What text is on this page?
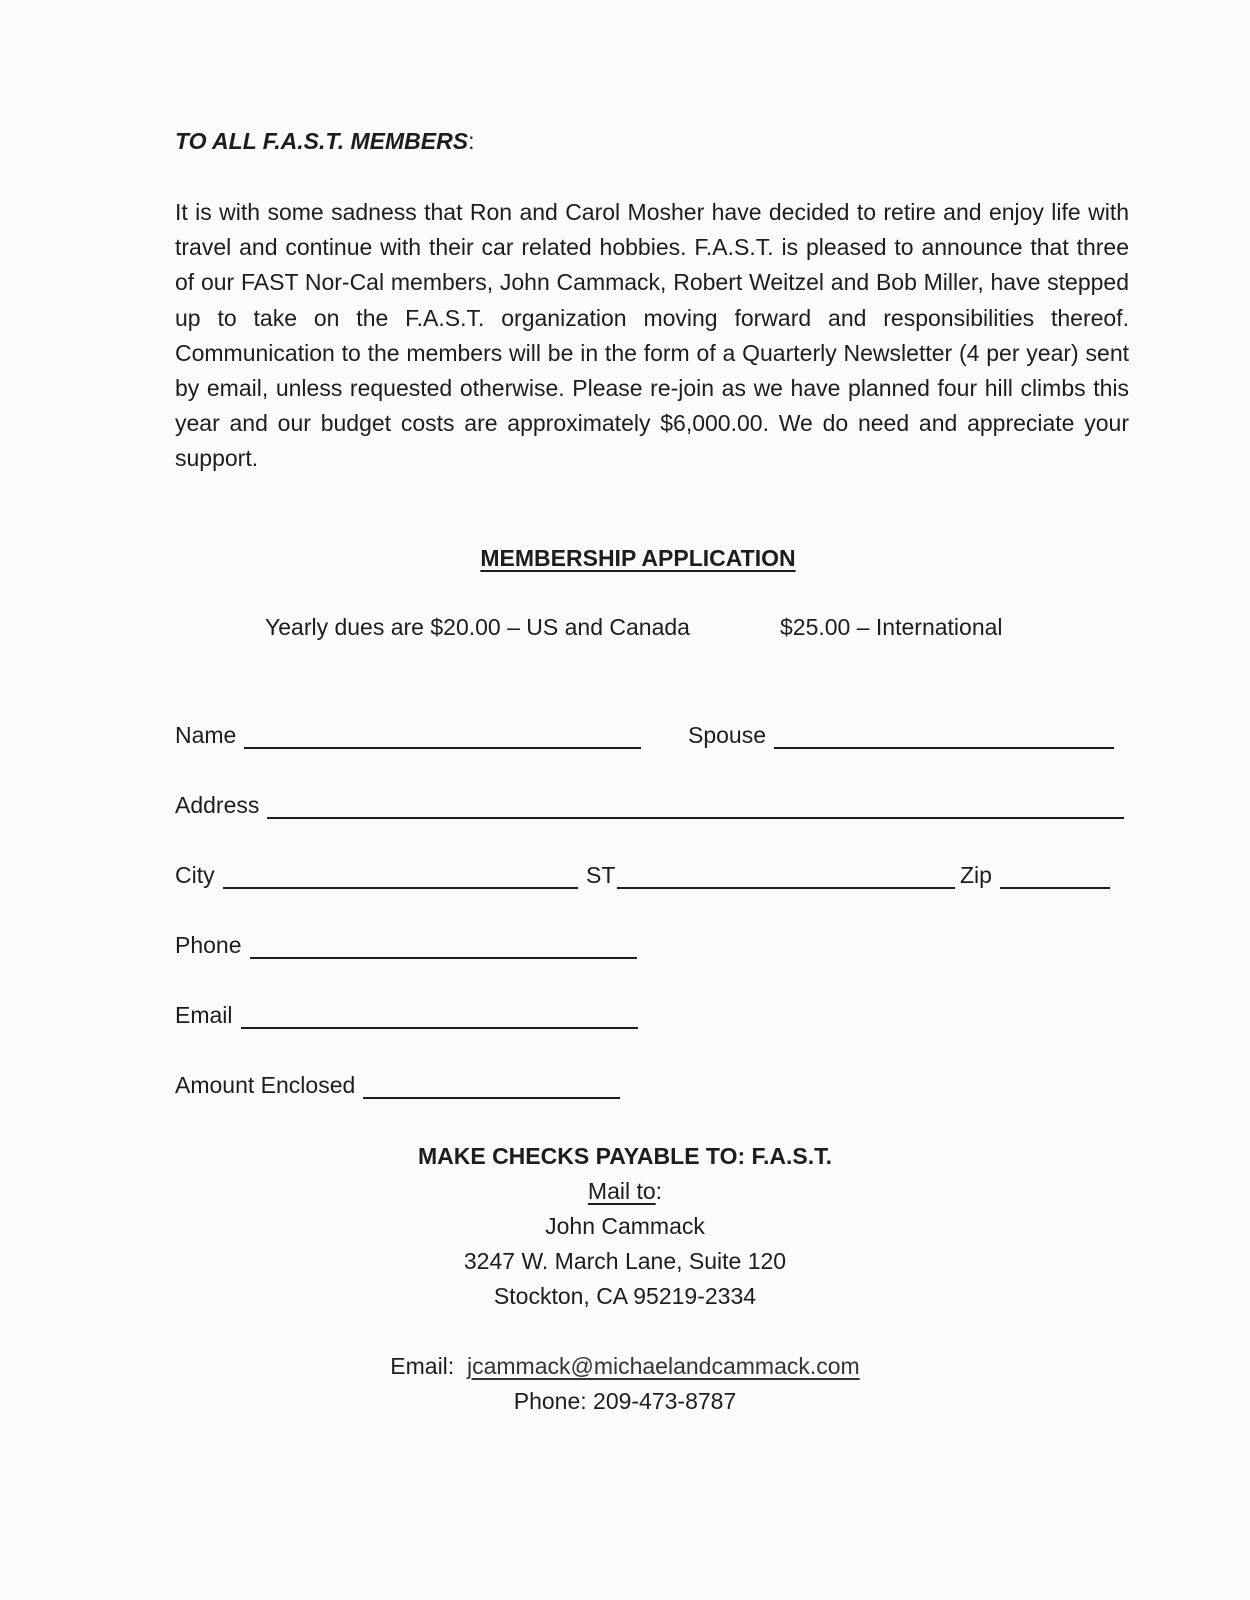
TO ALL F.A.S.T. MEMBERS:
It is with some sadness that Ron and Carol Mosher have decided to retire and enjoy life with travel and continue with their car related hobbies. F.A.S.T. is pleased to announce that three of our FAST Nor-Cal members, John Cammack, Robert Weitzel and Bob Miller, have stepped up to take on the F.A.S.T. organization moving forward and responsibilities thereof. Communication to the members will be in the form of a Quarterly Newsletter (4 per year) sent by email, unless requested otherwise. Please re-join as we have planned four hill climbs this year and our budget costs are approximately $6,000.00. We do need and appreciate your support.
MEMBERSHIP APPLICATION
Yearly dues are $20.00 – US and Canada	$25.00 – International
Name	Spouse
Address
City	ST	Zip
Phone
Email
Amount Enclosed
MAKE CHECKS PAYABLE TO: F.A.S.T.
Mail to:
John Cammack
3247 W. March Lane, Suite 120
Stockton, CA 95219-2334
Email: jcammack@michaelandcammack.com
Phone: 209-473-8787
